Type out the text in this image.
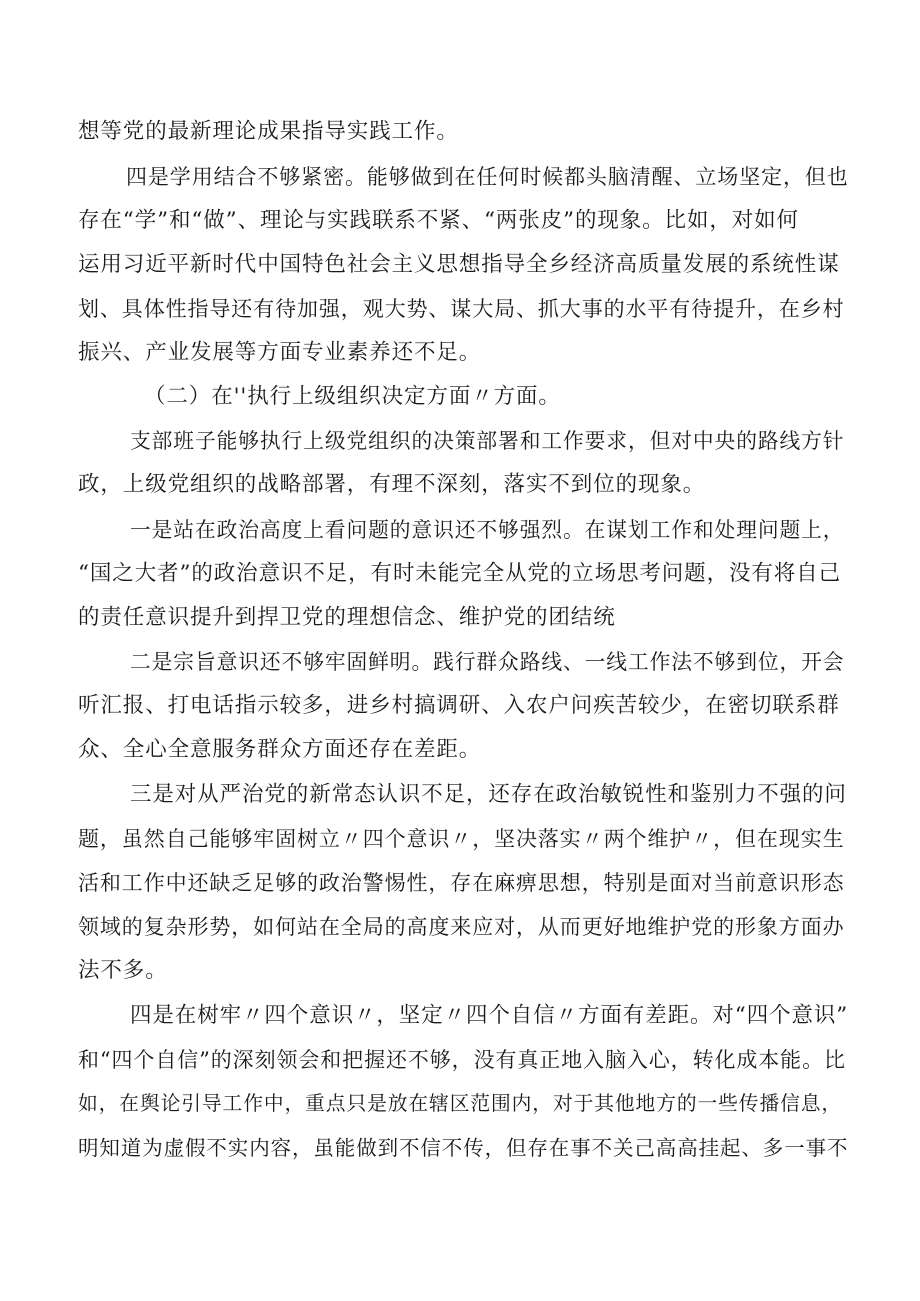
想等党的最新理论成果指导实践工作。
四是学用结合不够紧密。能够做到在任何时候都头脑清醒、立场坚定，但也
存在“学”和“做”、理论与实践联系不紧、“两张皮”的现象。比如，对如何
运用习近平新时代中国特色社会主义思想指导全乡经济高质量发展的系统性谋
划、具体性指导还有待加强，观大势、谋大局、抓大事的水平有待提升，在乡村
振兴、产业发展等方面专业素养还不足。
（二）在''执行上级组织决定方面〃方面。
支部班子能够执行上级党组织的决策部署和工作要求，但对中央的路线方针
政，上级党组织的战略部署，有理不深刻，落实不到位的现象。
一是站在政治高度上看问题的意识还不够强烈。在谋划工作和处理问题上，
“国之大者”的政治意识不足，有时未能完全从党的立场思考问题，没有将自己
的责任意识提升到捍卫党的理想信念、维护党的团结统
二是宗旨意识还不够牢固鲜明。践行群众路线、一线工作法不够到位，开会
听汇报、打电话指示较多，进乡村搞调研、入农户问疾苦较少，在密切联系群
众、全心全意服务群众方面还存在差距。
三是对从严治党的新常态认识不足，还存在政治敏锐性和鉴别力不强的问
题，虽然自己能够牢固树立〃四个意识〃，坚决落实〃两个维护〃，但在现实生
活和工作中还缺乏足够的政治警惕性，存在麻痹思想，特别是面对当前意识形态
领域的复杂形势，如何站在全局的高度来应对，从而更好地维护党的形象方面办
法不多。
四是在树牢〃四个意识〃，坚定〃四个自信〃方面有差距。对“四个意识”
和“四个自信”的深刻领会和把握还不够，没有真正地入脑入心，转化成本能。比
如，在舆论引导工作中，重点只是放在辖区范围内，对于其他地方的一些传播信息，
明知道为虚假不实内容，虽能做到不信不传，但存在事不关己高高挂起、多一事不
